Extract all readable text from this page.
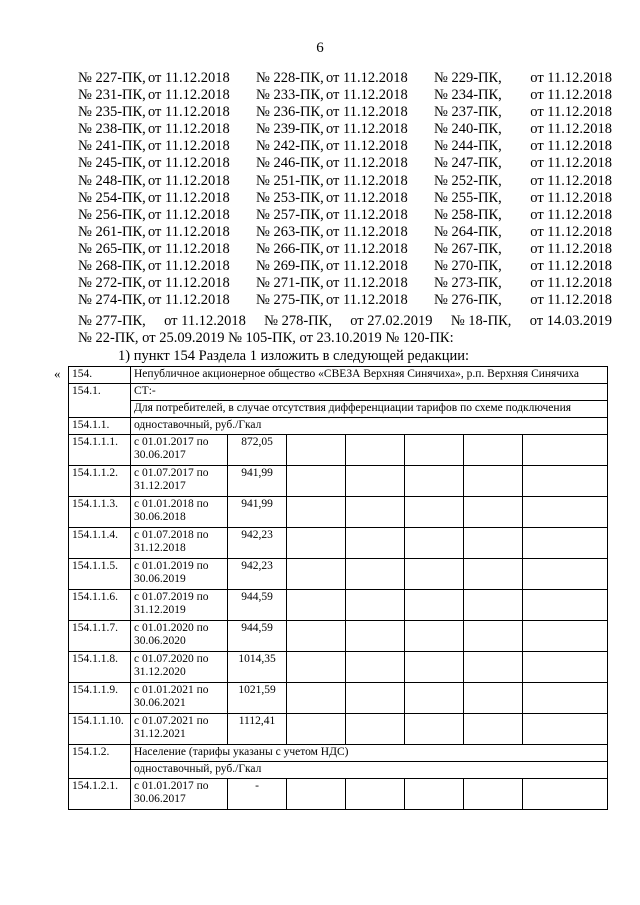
6
№ 227-ПК,	от 11.12.2018	№ 228-ПК,	от 11.12.2018	№ 229-ПК,	от 11.12.2018
№ 231-ПК,	от 11.12.2018	№ 233-ПК,	от 11.12.2018	№ 234-ПК,	от 11.12.2018
№ 235-ПК,	от 11.12.2018	№ 236-ПК,	от 11.12.2018	№ 237-ПК,	от 11.12.2018
№ 238-ПК,	от 11.12.2018	№ 239-ПК,	от 11.12.2018	№ 240-ПК,	от 11.12.2018
№ 241-ПК,	от 11.12.2018	№ 242-ПК,	от 11.12.2018	№ 244-ПК,	от 11.12.2018
№ 245-ПК,	от 11.12.2018	№ 246-ПК,	от 11.12.2018	№ 247-ПК,	от 11.12.2018
№ 248-ПК,	от 11.12.2018	№ 251-ПК,	от 11.12.2018	№ 252-ПК,	от 11.12.2018
№ 254-ПК,	от 11.12.2018	№ 253-ПК,	от 11.12.2018	№ 255-ПК,	от 11.12.2018
№ 256-ПК,	от 11.12.2018	№ 257-ПК,	от 11.12.2018	№ 258-ПК,	от 11.12.2018
№ 261-ПК,	от 11.12.2018	№ 263-ПК,	от 11.12.2018	№ 264-ПК,	от 11.12.2018
№ 265-ПК,	от 11.12.2018	№ 266-ПК,	от 11.12.2018	№ 267-ПК,	от 11.12.2018
№ 268-ПК,	от 11.12.2018	№ 269-ПК,	от 11.12.2018	№ 270-ПК,	от 11.12.2018
№ 272-ПК,	от 11.12.2018	№ 271-ПК,	от 11.12.2018	№ 273-ПК,	от 11.12.2018
№ 274-ПК,	от 11.12.2018	№ 275-ПК,	от 11.12.2018	№ 276-ПК,	от 11.12.2018
№ 277-ПК, от 11.12.2018 № 278-ПК, от 27.02.2019 № 18-ПК, от 14.03.2019
№ 22-ПК, от 25.09.2019 № 105-ПК, от 23.10.2019 № 120-ПК:
1) пункт 154 Раздела 1 изложить в следующей редакции:
« 154.	Непубличное акционерное общество «СВЕЗА Верхняя Синячиха», р.п. Верхняя Синячиха						
154.1.	СТ:-						
	Для потребителей, в случае отсутствия дифференциации тарифов по схеме подключения						
154.1.1.	одноставочный, руб./Гкал						
154.1.1.1.	с 01.01.2017 по 30.06.2017	872,05					
154.1.1.2.	с 01.07.2017 по 31.12.2017	941,99					
154.1.1.3.	с 01.01.2018 по 30.06.2018	941,99					
154.1.1.4.	с 01.07.2018 по 31.12.2018	942,23					
154.1.1.5.	с 01.01.2019 по 30.06.2019	942,23					
154.1.1.6.	с 01.07.2019 по 31.12.2019	944,59					
154.1.1.7.	с 01.01.2020 по 30.06.2020	944,59					
154.1.1.8.	с 01.07.2020 по 31.12.2020	1014,35					
154.1.1.9.	с 01.01.2021 по 30.06.2021	1021,59					
154.1.1.10.	с 01.07.2021 по 31.12.2021	1112,41					
154.1.2.	Население (тарифы указаны с учетом НДС)						
	одноставочный, руб./Гкал						
154.1.2.1.	с 01.01.2017 по 30.06.2017	-					
